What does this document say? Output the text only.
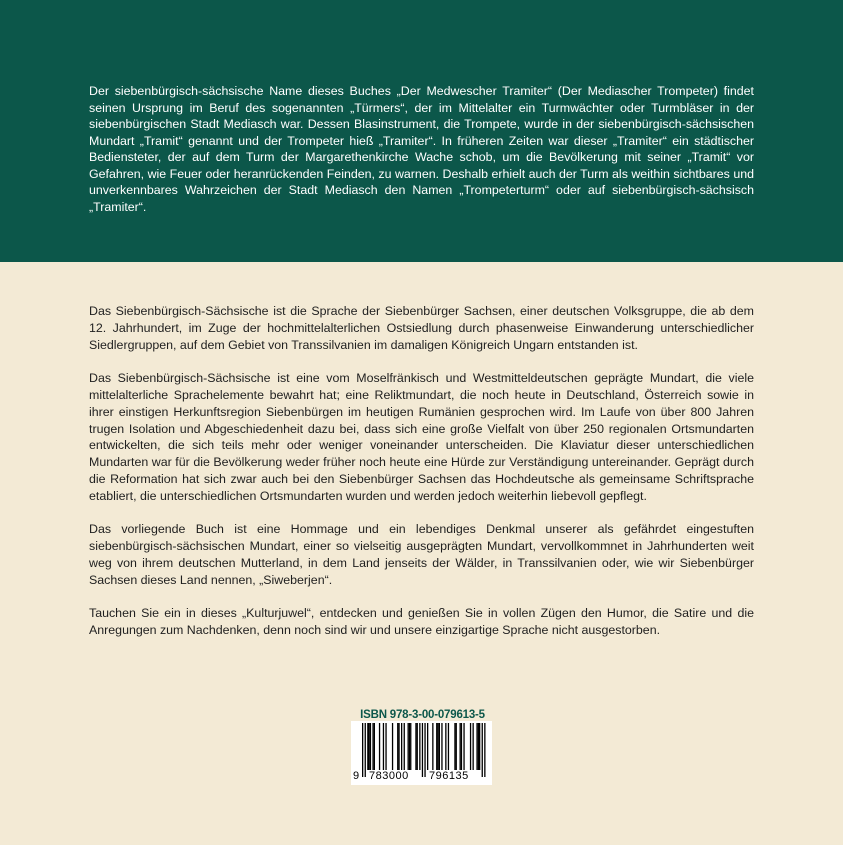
Der siebenbürgisch-sächsische Name dieses Buches „Der Medwescher Tramiter“ (Der Mediascher Trompeter) findet seinen Ursprung im Beruf des sogenannten „Türmers“, der im Mittelalter ein Turmwächter oder Turmbläser in der siebenbürgischen Stadt Mediasch war. Dessen Blasinstrument, die Trompete, wurde in der siebenbürgisch-sächsischen Mundart „Tramit“ genannt und der Trompeter hieß „Tramiter“. In früheren Zeiten war dieser „Tramiter“ ein städtischer Bediensteter, der auf dem Turm der Margarethenkirche Wache schob, um die Bevölkerung mit seiner „Tramit“ vor Gefahren, wie Feuer oder heranrückenden Feinden, zu warnen. Deshalb erhielt auch der Turm als weithin sichtbares und unverkennbares Wahrzeichen der Stadt Mediasch den Namen „Trompeterturm“ oder auf siebenbürgisch-sächsisch „Tramiter“.

Das Siebenbürgisch-Sächsische ist die Sprache der Siebenbürger Sachsen, einer deutschen Volksgruppe, die ab dem 12. Jahrhundert, im Zuge der hochmittelalterlichen Ostsiedlung durch phasenweise Einwanderung unterschiedlicher Siedlergruppen, auf dem Gebiet von Transsilvanien im damaligen Königreich Ungarn entstanden ist.

Das Siebenbürgisch-Sächsische ist eine vom Moselfränkisch und Westmitteldeutschen geprägte Mundart, die viele mittelalterliche Sprachelemente bewahrt hat; eine Reliktmundart, die noch heute in Deutschland, Österreich sowie in ihrer einstigen Herkunftsregion Siebenbürgen im heutigen Rumänien gesprochen wird. Im Laufe von über 800 Jahren trugen Isolation und Abgeschiedenheit dazu bei, dass sich eine große Vielfalt von über 250 regionalen Ortsmundarten entwickelten, die sich teils mehr oder weniger voneinander unterscheiden. Die Klaviatur dieser unterschiedlichen Mundarten war für die Bevölkerung weder früher noch heute eine Hürde zur Verständigung untereinander. Geprägt durch die Reformation hat sich zwar auch bei den Siebenbürger Sachsen das Hochdeutsche als gemeinsame Schriftsprache etabliert, die unterschiedlichen Ortsmundarten wurden und werden jedoch weiterhin liebevoll gepflegt.

Das vorliegende Buch ist eine Hommage und ein lebendiges Denkmal unserer als gefährdet eingestuften siebenbürgisch-sächsischen Mundart, einer so vielseitig ausgeprägten Mundart, vervollkommnet in Jahrhunderten weit weg von ihrem deutschen Mutterland, in dem Land jenseits der Wälder, in Transsilvanien oder, wie wir Siebenbürger Sachsen dieses Land nennen, „Siweberjen“.

Tauchen Sie ein in dieses „Kulturjuwel“, entdecken und genießen Sie in vollen Zügen den Humor, die Satire und die Anregungen zum Nachdenken, denn noch sind wir und unsere einzigartige Sprache nicht ausgestorben.

ISBN 978-3-00-079613-5
9 783000 796135
